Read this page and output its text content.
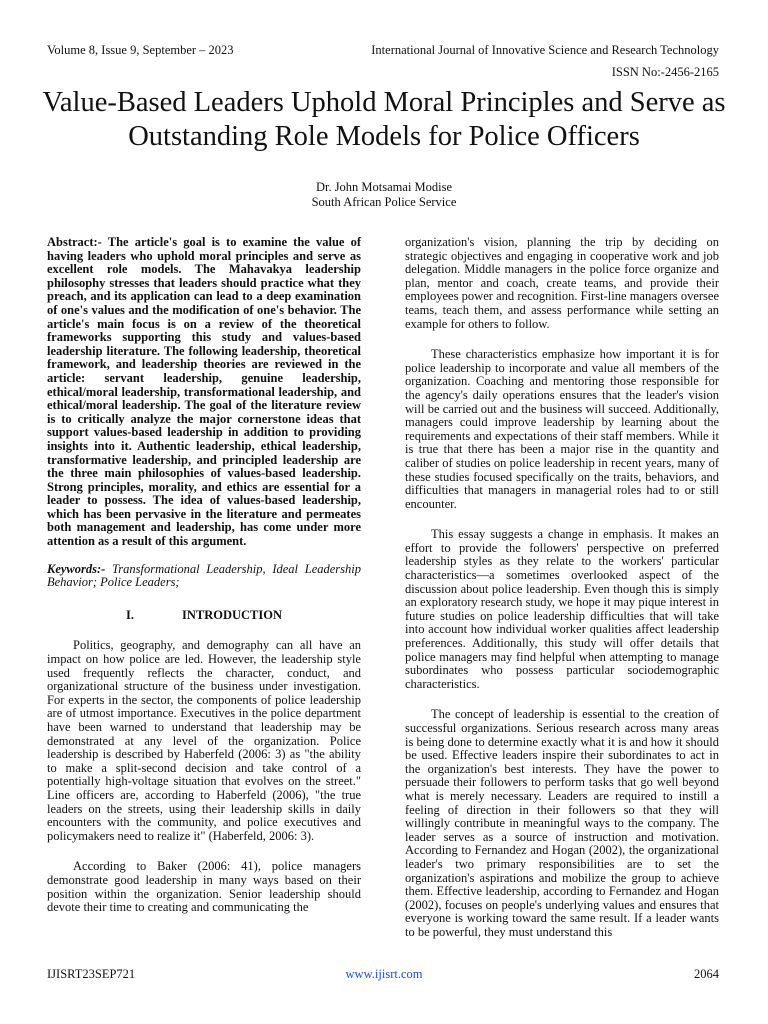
Volume 8, Issue 9, September – 2023	International Journal of Innovative Science and Research Technology
ISSN No:-2456-2165
Value-Based Leaders Uphold Moral Principles and Serve as Outstanding Role Models for Police Officers
Dr. John Motsamai Modise
South African Police Service

Abstract:- The article's goal is to examine the value of having leaders who uphold moral principles and serve as excellent role models. The Mahavakya leadership philosophy stresses that leaders should practice what they preach, and its application can lead to a deep examination of one's values and the modification of one's behavior. The article's main focus is on a review of the theoretical frameworks supporting this study and values-based leadership literature. The following leadership, theoretical framework, and leadership theories are reviewed in the article: servant leadership, genuine leadership, ethical/moral leadership, transformational leadership, and ethical/moral leadership. The goal of the literature review is to critically analyze the major cornerstone ideas that support values-based leadership in addition to providing insights into it. Authentic leadership, ethical leadership, transformative leadership, and principled leadership are the three main philosophies of values-based leadership. Strong principles, morality, and ethics are essential for a leader to possess. The idea of values-based leadership, which has been pervasive in the literature and permeates both management and leadership, has come under more attention as a result of this argument.

Keywords:- Transformational Leadership, Ideal Leadership Behavior; Police Leaders;

I.	INTRODUCTION

Politics, geography, and demography can all have an impact on how police are led. However, the leadership style used frequently reflects the character, conduct, and organizational structure of the business under investigation. For experts in the sector, the components of police leadership are of utmost importance. Executives in the police department have been warned to understand that leadership may be demonstrated at any level of the organization. Police leadership is described by Haberfeld (2006: 3) as "the ability to make a split-second decision and take control of a potentially high-voltage situation that evolves on the street." Line officers are, according to Haberfeld (2006), "the true leaders on the streets, using their leadership skills in daily encounters with the community, and police executives and policymakers need to realize it" (Haberfeld, 2006: 3).

According to Baker (2006: 41), police managers demonstrate good leadership in many ways based on their position within the organization. Senior leadership should devote their time to creating and communicating the

organization's vision, planning the trip by deciding on strategic objectives and engaging in cooperative work and job delegation. Middle managers in the police force organize and plan, mentor and coach, create teams, and provide their employees power and recognition. First-line managers oversee teams, teach them, and assess performance while setting an example for others to follow.

These characteristics emphasize how important it is for police leadership to incorporate and value all members of the organization. Coaching and mentoring those responsible for the agency's daily operations ensures that the leader's vision will be carried out and the business will succeed. Additionally, managers could improve leadership by learning about the requirements and expectations of their staff members. While it is true that there has been a major rise in the quantity and caliber of studies on police leadership in recent years, many of these studies focused specifically on the traits, behaviors, and difficulties that managers in managerial roles had to or still encounter.

This essay suggests a change in emphasis. It makes an effort to provide the followers' perspective on preferred leadership styles as they relate to the workers' particular characteristics—a sometimes overlooked aspect of the discussion about police leadership. Even though this is simply an exploratory research study, we hope it may pique interest in future studies on police leadership difficulties that will take into account how individual worker qualities affect leadership preferences. Additionally, this study will offer details that police managers may find helpful when attempting to manage subordinates who possess particular sociodemographic characteristics.

The concept of leadership is essential to the creation of successful organizations. Serious research across many areas is being done to determine exactly what it is and how it should be used. Effective leaders inspire their subordinates to act in the organization's best interests. They have the power to persuade their followers to perform tasks that go well beyond what is merely necessary. Leaders are required to instill a feeling of direction in their followers so that they will willingly contribute in meaningful ways to the company. The leader serves as a source of instruction and motivation. According to Fernandez and Hogan (2002), the organizational leader's two primary responsibilities are to set the organization's aspirations and mobilize the group to achieve them. Effective leadership, according to Fernandez and Hogan (2002), focuses on people's underlying values and ensures that everyone is working toward the same result. If a leader wants to be powerful, they must understand this

IJISRT23SEP721	www.ijisrt.com	2064
